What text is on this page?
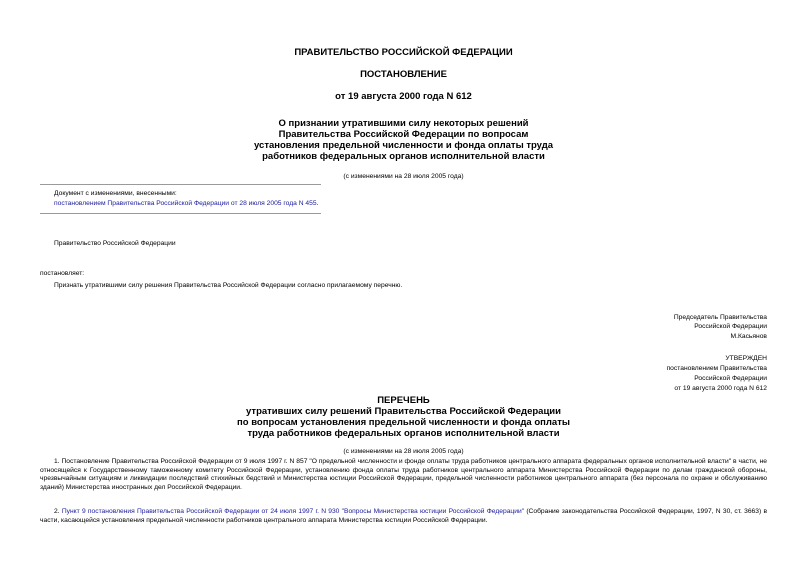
ПРАВИТЕЛЬСТВО РОССИЙСКОЙ ФЕДЕРАЦИИ
ПОСТАНОВЛЕНИЕ
от 19 августа 2000 года N 612
О признании утратившими силу некоторых решений
Правительства Российской Федерации по вопросам
установления предельной численности и фонда оплаты труда
работников федеральных органов исполнительной власти
(с изменениями на 28 июля 2005 года)
Документ с изменениями, внесенными:
постановлением Правительства Российской Федерации от 28 июля 2005 года N 455.
Правительство Российской Федерации
постановляет:
Признать утратившими силу решения Правительства Российской Федерации согласно прилагаемому перечню.
Председатель Правительства
Российской Федерации
М.Касьянов
УТВЕРЖДЕН
постановлением Правительства
Российской Федерации
от 19 августа 2000 года N 612
ПЕРЕЧЕНЬ
утративших силу решений Правительства Российской Федерации
по вопросам установления предельной численности и фонда оплаты
труда работников федеральных органов исполнительной власти
(с изменениями на 28 июля 2005 года)
1. Постановление Правительства Российской Федерации от 9 июля 1997 г. N 857 "О предельной численности и фонде оплаты труда работников центрального аппарата федеральных органов исполнительной власти" в части, не относящейся к Государственному таможенному комитету Российской Федерации, установлению фонда оплаты труда работников центрального аппарата Министерства Российской Федерации по делам гражданской обороны, чрезвычайным ситуациям и ликвидации последствий стихийных бедствий и Министерства юстиции Российской Федерации, предельной численности работников центрального аппарата (без персонала по охране и обслуживанию зданий) Министерства иностранных дел Российской Федерации.
2. Пункт 9 постановления Правительства Российской Федерации от 24 июля 1997 г. N 930 "Вопросы Министерства юстиции Российской Федерации" (Собрание законодательства Российской Федерации, 1997, N 30, ст. 3663) в части, касающейся установления предельной численности работников центрального аппарата Министерства юстиции Российской Федерации.
